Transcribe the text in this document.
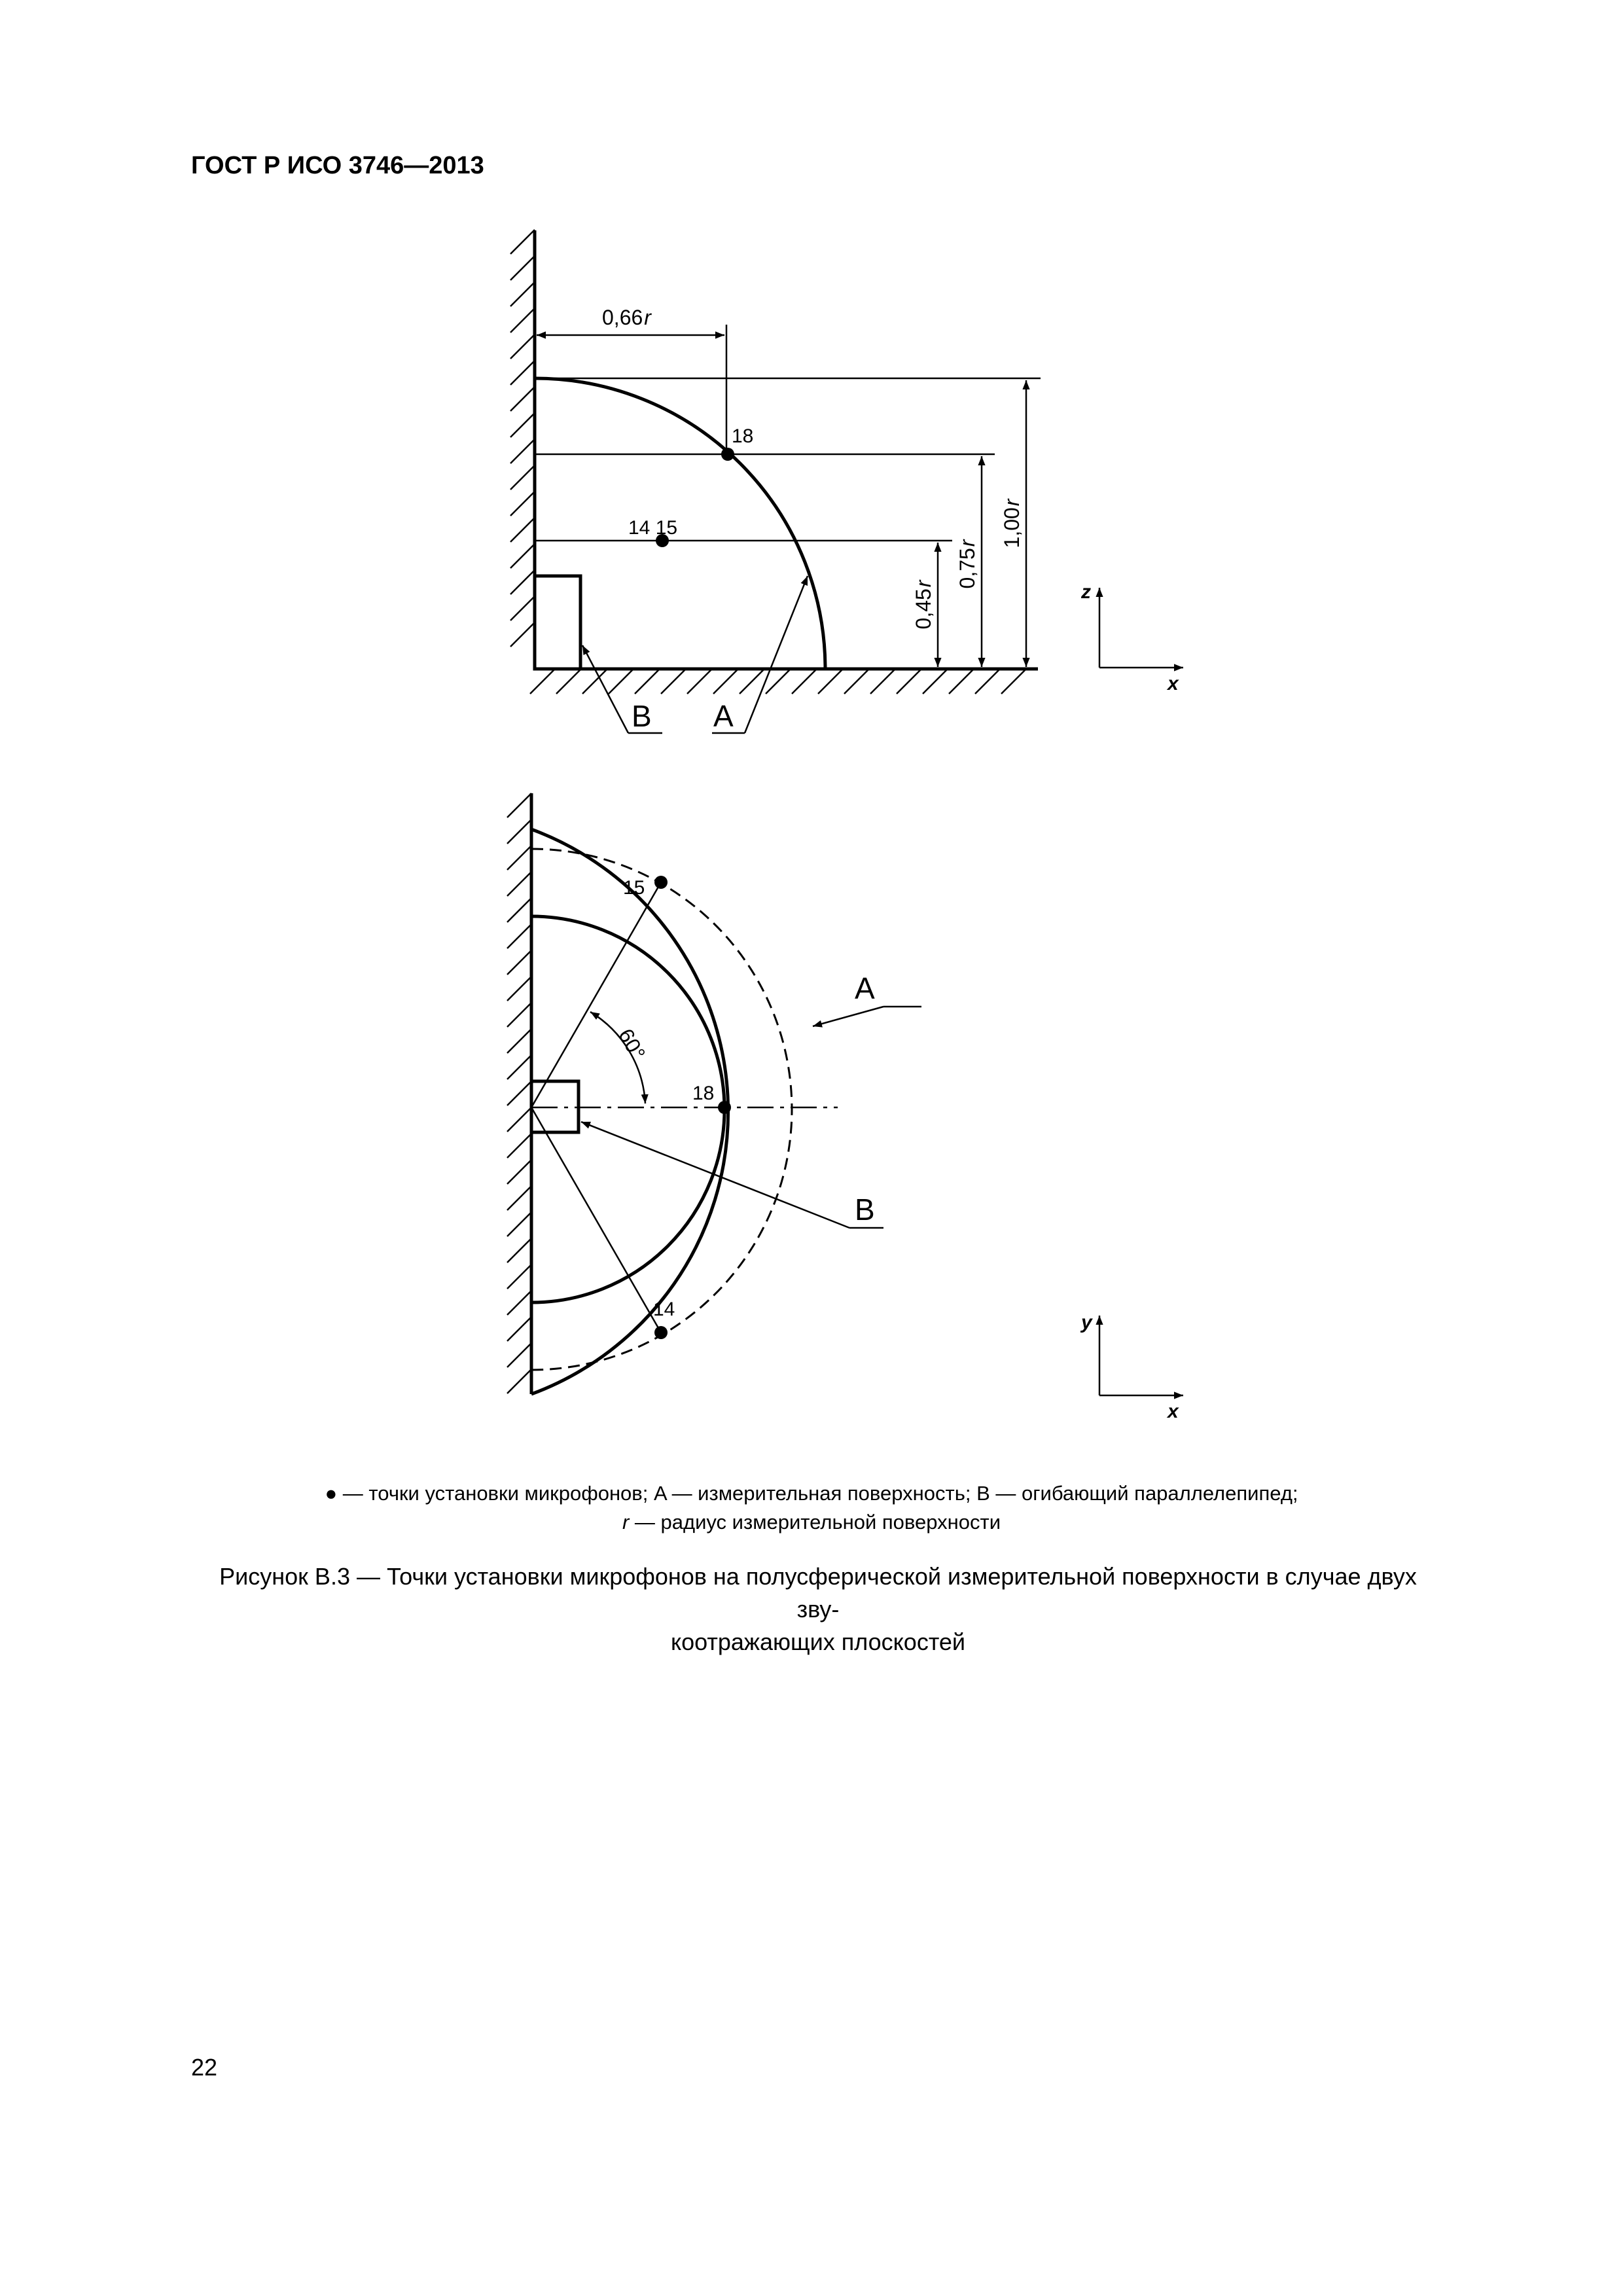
ГОСТ Р ИСО 3746—2013
0,66r
1,00r
0,75r
0,45r
18
14 15
B A
z
x
15
18
14
60°
A
B
y
x
● — точки установки микрофонов; A — измерительная поверхность; B — огибающий параллелепипед;
r — радиус измерительной поверхности
Рисунок B.3 — Точки установки микрофонов на полусферической измерительной поверхности в случае двух зву-
коотражающих плоскостей
22
